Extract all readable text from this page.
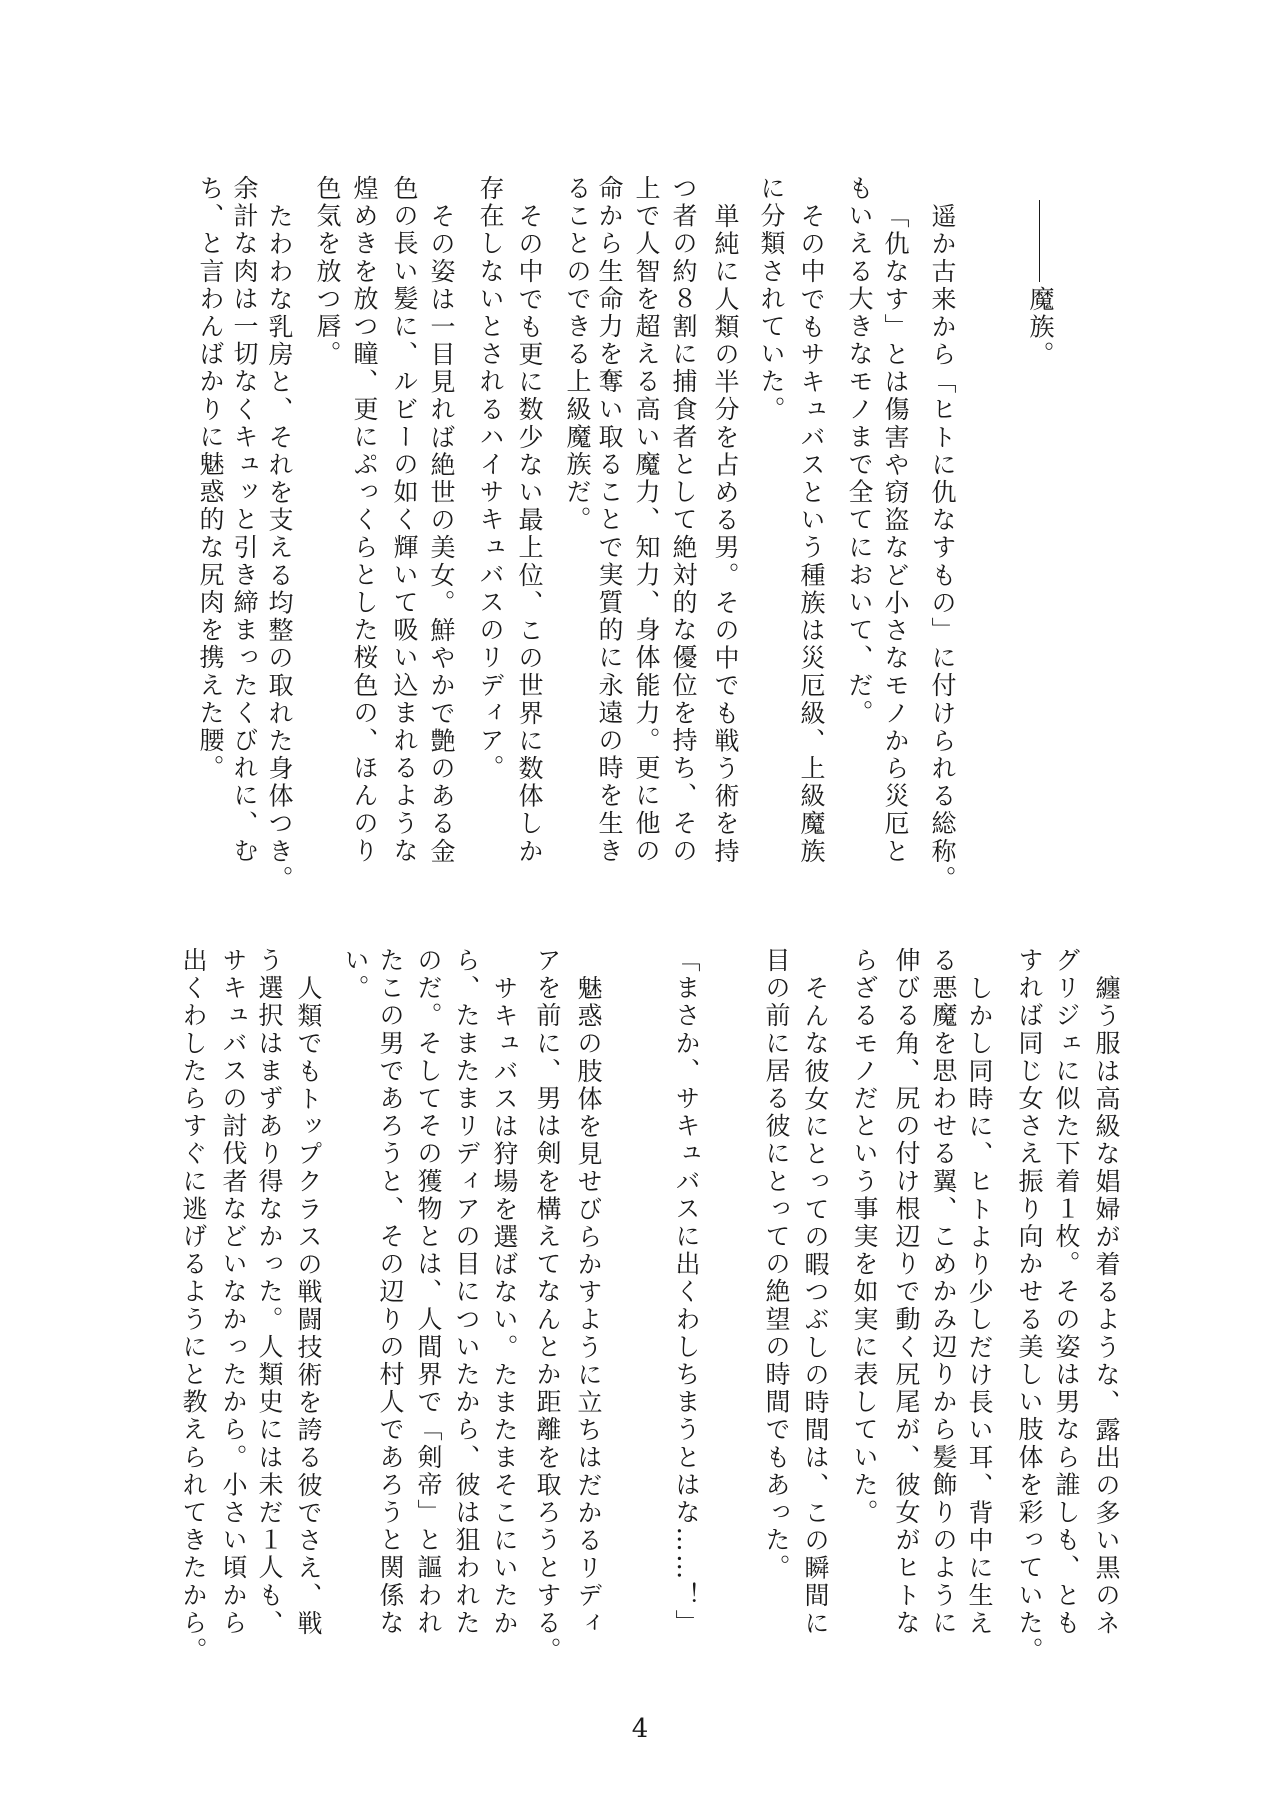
魔族。
遥か古来から「ヒトに仇なすもの」に付けられる総称。
「仇なす」とは傷害や窃盗など小さなモノから災厄と
もいえる大きなモノまで全てにおいて、だ。
その中でもサキュバスという種族は災厄級、上級魔族
に分類されていた。
単純に人類の半分を占める男。その中でも戦う術を持
つ者の約８割に捕食者として絶対的な優位を持ち、その
上で人智を超える高い魔力、知力、身体能力。更に他の
命から生命力を奪い取ることで実質的に永遠の時を生き
ることのできる上級魔族だ。
その中でも更に数少ない最上位、この世界に数体しか
存在しないとされるハイサキュバスのリディア。
その姿は一目見れば絶世の美女。鮮やかで艶のある金
色の長い髪に、ルビーの如く輝いて吸い込まれるような
煌めきを放つ瞳、更にぷっくらとした桜色の、ほんのり
色気を放つ唇。
たわわな乳房と、それを支える均整の取れた身体つき。
余計な肉は一切なくキュッと引き締まったくびれに、む
ち、と言わんばかりに魅惑的な尻肉を携えた腰。
纏う服は高級な娼婦が着るような、露出の多い黒のネ
グリジェに似た下着１枚。その姿は男なら誰しも、とも
すれば同じ女さえ振り向かせる美しい肢体を彩っていた。
しかし同時に、ヒトより少しだけ長い耳、背中に生え
る悪魔を思わせる翼、こめかみ辺りから髪飾りのように
伸びる角、尻の付け根辺りで動く尻尾が、彼女がヒトな
らざるモノだという事実を如実に表していた。
そんな彼女にとっての暇つぶしの時間は、この瞬間に
目の前に居る彼にとっての絶望の時間でもあった。
「まさか、サキュバスに出くわしちまうとはな……！」
魅惑の肢体を見せびらかすように立ちはだかるリディ
アを前に、男は剣を構えてなんとか距離を取ろうとする。
サキュバスは狩場を選ばない。たまたまそこにいたか
ら、たまたまリディアの目についたから、彼は狙われた
のだ。そしてその獲物とは、人間界で「剣帝」と謳われ
たこの男であろうと、その辺りの村人であろうと関係な
い。
人類でもトップクラスの戦闘技術を誇る彼でさえ、戦
う選択はまずあり得なかった。人類史には未だ１人も、
サキュバスの討伐者などいなかったから。小さい頃から
出くわしたらすぐに逃げるようにと教えられてきたから。
4
